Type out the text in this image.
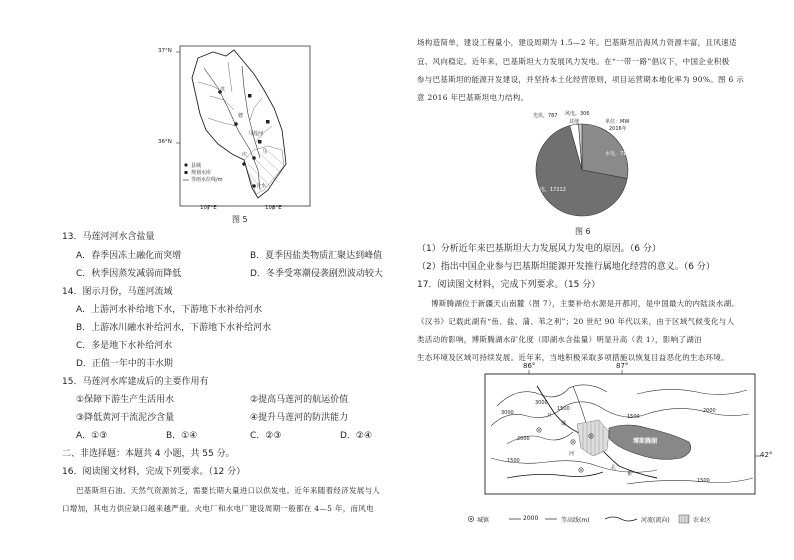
37°N
36°N
107°E	108°E
洪
德
庆	马
合水
马莲河
县城
规划水库
等雨水位线/m
图 5
13．马莲河河水含盐量
A．春季因冻土融化而突增	B．夏季因盐类物质汇聚达到峰值
C．秋季因蒸发减弱而降低	D．冬季受寒潮侵袭剧烈波动较大
14．图示月份，马莲河流域
A．上游河水补给地下水，下游地下水补给河水
B．上游冰川融水补给河水，下游地下水补给河水
C．多是地下水补给河水
D．正值一年中的丰水期
15．马莲河水库建成后的主要作用有
①保障下游生产生活用水	②提高马莲河的航运价值
③降低黄河干流泥沙含量	④提升马莲河的防洪能力
A．①③	B．①④	C．②③	D．②④
二、非选择题：本题共 4 小题，共 55 分。
16．阅读图文材料，完成下列要求。（12 分）
巴基斯坦石油、天然气资源贫乏，需要长期大量进口以供发电。近年来随着经济发展与人
口增加，其电力供应缺口越来越严重。火电厂和水电厂建设周期一般都在 4—5 年，而风电
场构造简单，建设工程量小，建设周期为 1.5—2 年。巴基斯坦沿海风力资源丰富，且风速适
宜、风向稳定。近年来，巴基斯坦大力发展风力发电。在“一带一路”倡议下，中国企业积极
参与巴基斯坦的能源开发建设，并坚持本土化经营原则，项目运营期本地化率为 90%。图 6 示
意 2016 年巴基斯坦电力结构。
光伏，787 风电，306
其他	单位：MW
2016年
水电，7116
火电，17212
图 6
（1）分析近年来巴基斯坦大力发展风力发电的原因。（6 分）
（2）指出中国企业参与巴基斯坦能源开发推行属地化经营的意义。（6 分）
17．阅读图文材料，完成下列要求。（15 分）
博斯腾湖位于新疆天山南麓（图 7），主要补给水源是开都河，是中国最大的内陆淡水湖。
《汉书》记载此湖有“鱼、盐、蒲、苇之利”；20 世纪 90 年代以来，由于区域气候变化与人
类活动的影响，博斯腾湖水矿化度（即湖水含盐量）明显升高（表 1），影响了湖泊
生态环境及区域可持续发展。近年来，当地积极采取多项措施以恢复目益恶化的生态环境。
86°	87°
42°
3000
2000
1500
2000
1500
1500
3000
1500
博斯腾湖
开
都
孔
雀
河
城镇	2000	等高线(m)	河流(流向)	农业区
